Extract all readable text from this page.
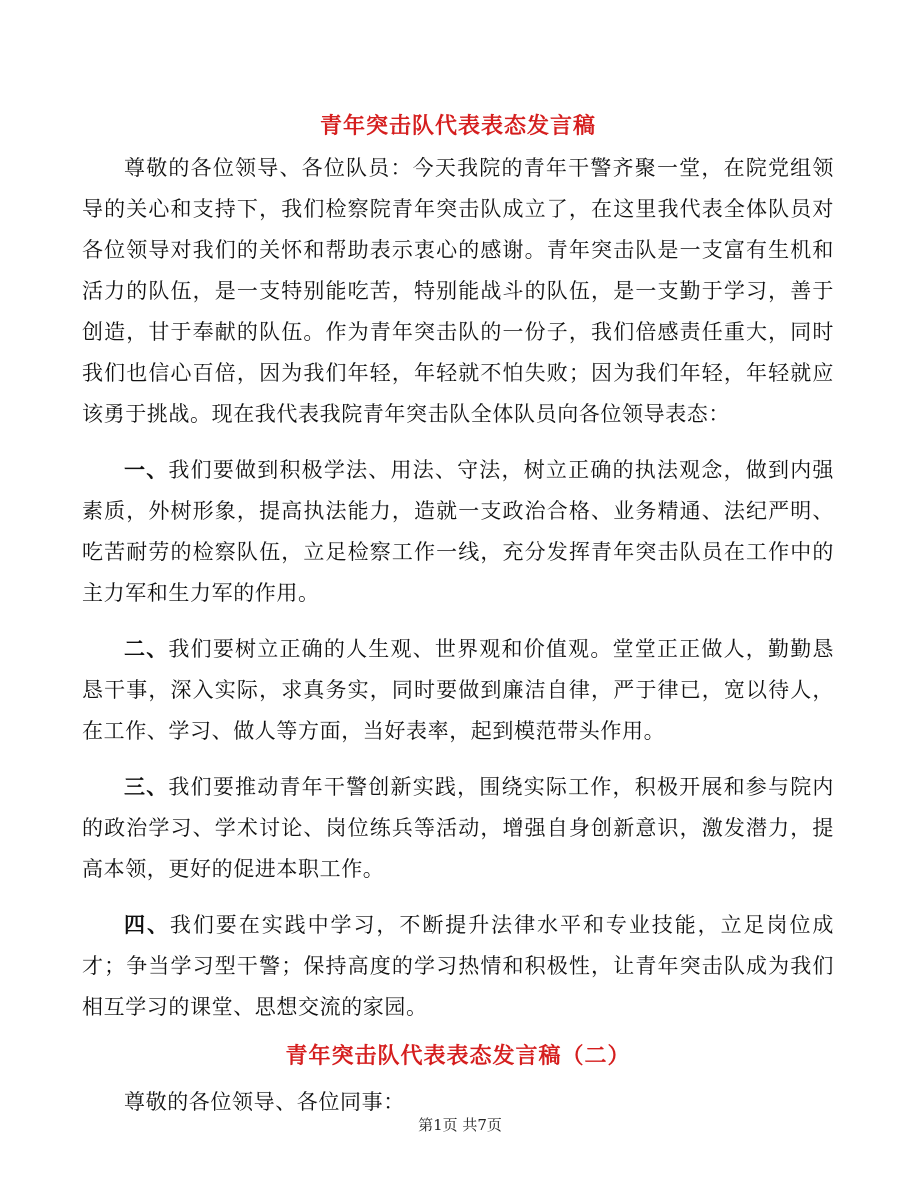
青年突击队代表表态发言稿

尊敬的各位领导、各位队员：今天我院的青年干警齐聚一堂，在院党组领导的关心和支持下，我们检察院青年突击队成立了，在这里我代表全体队员对各位领导对我们的关怀和帮助表示衷心的感谢。青年突击队是一支富有生机和活力的队伍，是一支特别能吃苦，特别能战斗的队伍，是一支勤于学习，善于创造，甘于奉献的队伍。作为青年突击队的一份子，我们倍感责任重大，同时我们也信心百倍，因为我们年轻，年轻就不怕失败；因为我们年轻，年轻就应该勇于挑战。现在我代表我院青年突击队全体队员向各位领导表态：

一、我们要做到积极学法、用法、守法，树立正确的执法观念，做到内强素质，外树形象，提高执法能力，造就一支政治合格、业务精通、法纪严明、吃苦耐劳的检察队伍，立足检察工作一线，充分发挥青年突击队员在工作中的主力军和生力军的作用。

二、我们要树立正确的人生观、世界观和价值观。堂堂正正做人，勤勤恳恳干事，深入实际，求真务实，同时要做到廉洁自律，严于律已，宽以待人，在工作、学习、做人等方面，当好表率，起到模范带头作用。

三、我们要推动青年干警创新实践，围绕实际工作，积极开展和参与院内的政治学习、学术讨论、岗位练兵等活动，增强自身创新意识，激发潜力，提高本领，更好的促进本职工作。

四、我们要在实践中学习，不断提升法律水平和专业技能，立足岗位成才；争当学习型干警；保持高度的学习热情和积极性，让青年突击队成为我们相互学习的课堂、思想交流的家园。

青年突击队代表表态发言稿（二）

尊敬的各位领导、各位同事：

第1页 共7页
